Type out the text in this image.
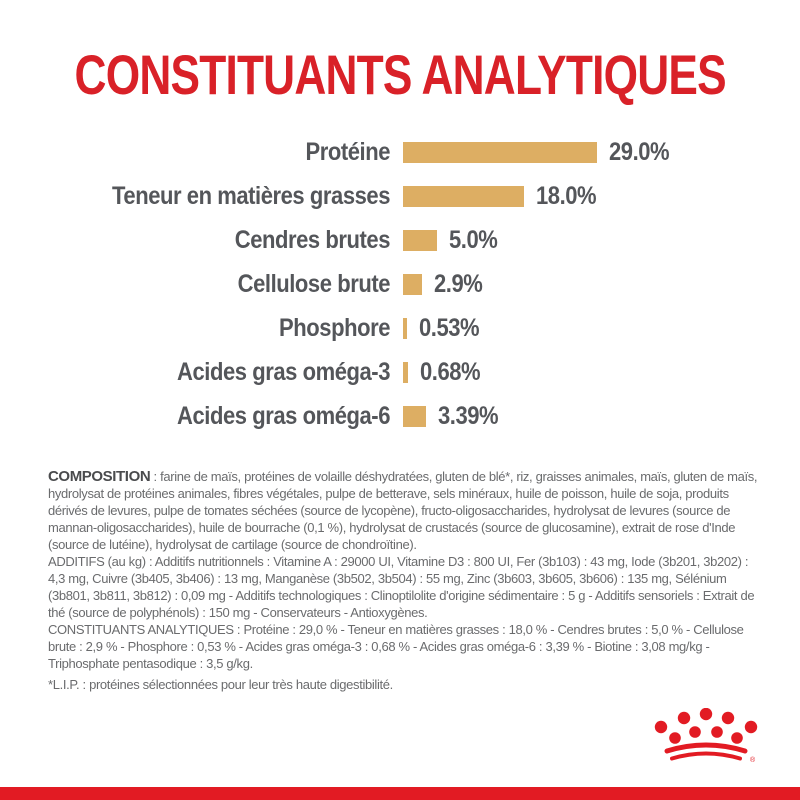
CONSTITUANTS ANALYTIQUES
Protéine	29.0%
Teneur en matières grasses	18.0%
Cendres brutes 5.0%
Cellulose brute 2.9%
Phosphore 0.53%
Acides gras oméga-3 0.68%
Acides gras oméga-6 3.39%

COMPOSITION : farine de maïs, protéines de volaille déshydratées, gluten de blé*, riz, graisses animales, maïs, gluten de maïs, hydrolysat de protéines animales, fibres végétales, pulpe de betterave, sels minéraux, huile de poisson, huile de soja, produits dérivés de levures, pulpe de tomates séchées (source de lycopène), fructo-oligosaccharides, hydrolysat de levures (source de mannan-oligosaccharides), huile de bourrache (0,1 %), hydrolysat de crustacés (source de glucosamine), extrait de rose d'Inde (source de lutéine), hydrolysat de cartilage (source de chondroïtine).

ADDITIFS (au kg) : Additifs nutritionnels : Vitamine A : 29000 UI, Vitamine D3 : 800 UI, Fer (3b103) : 43 mg, Iode (3b201, 3b202) : 4,3 mg, Cuivre (3b405, 3b406) : 13 mg, Manganèse (3b502, 3b504) : 55 mg, Zinc (3b603, 3b605, 3b606) : 135 mg, Sélénium (3b801, 3b811, 3b812) : 0,09 mg - Additifs technologiques : Clinoptilolite d'origine sédimentaire : 5 g - Additifs sensoriels : Extrait de thé (source de polyphénols) : 150 mg - Conservateurs - Antioxygènes.

CONSTITUANTS ANALYTIQUES : Protéine : 29,0 % - Teneur en matières grasses : 18,0 % - Cendres brutes : 5,0 % - Cellulose brute : 2,9 % - Phosphore : 0,53 % - Acides gras oméga-3 : 0,68 % - Acides gras oméga-6 : 3,39 % - Biotine : 3,08 mg/kg - Triphosphate pentasodique : 3,5 g/kg.

*L.I.P. : protéines sélectionnées pour leur très haute digestibilité.

®
